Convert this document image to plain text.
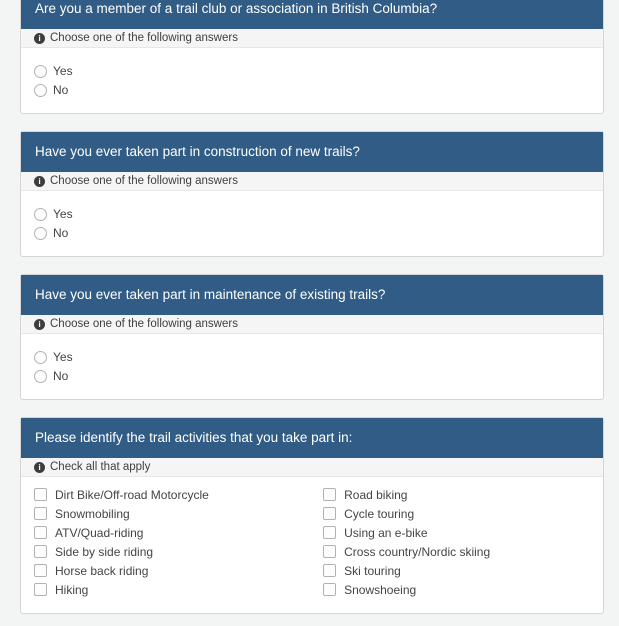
Are you a member of a trail club or association in British Columbia?
i Choose one of the following answers
Yes
No
Have you ever taken part in construction of new trails?
i Choose one of the following answers
Yes
No
Have you ever taken part in maintenance of existing trails?
i Choose one of the following answers
Yes
No
Please identify the trail activities that you take part in:
i Check all that apply
Dirt Bike/Off-road Motorcycle	Road biking
Snowmobiling	Cycle touring
ATV/Quad-riding	Using an e-bike
Side by side riding	Cross country/Nordic skiing
Horse back riding	Ski touring
Hiking	Snowshoeing
